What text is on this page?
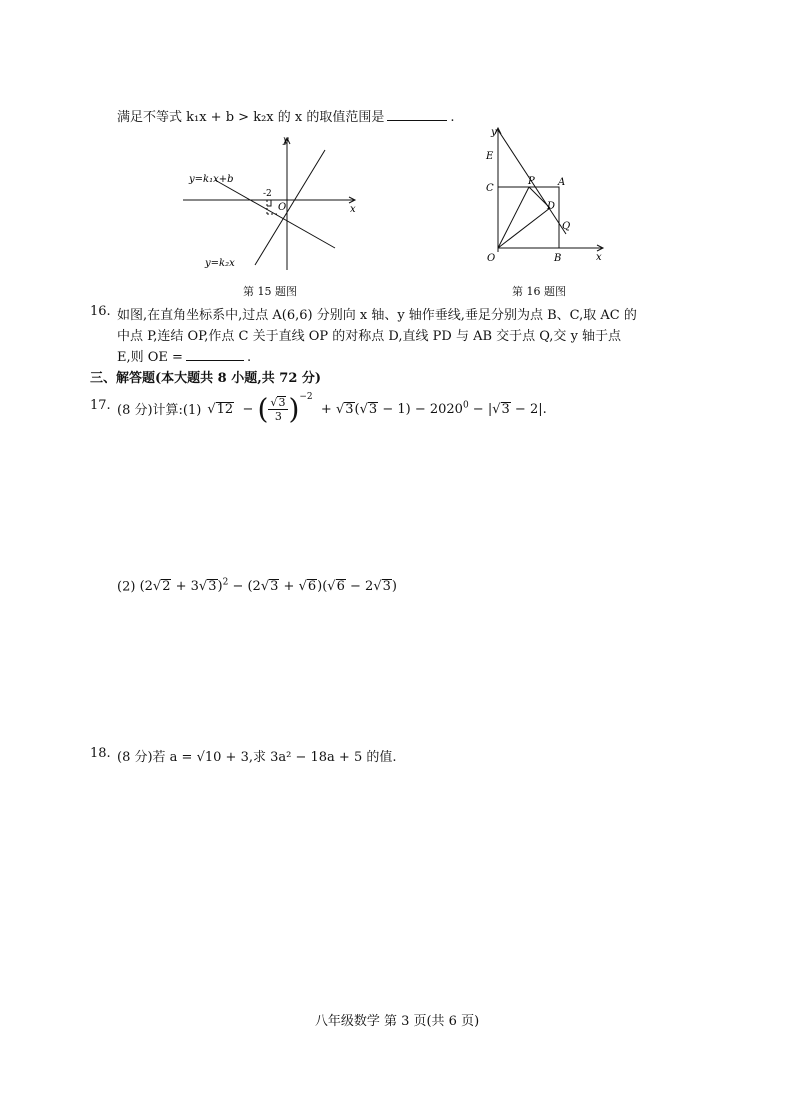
满足不等式 k₁x + b > k₂x 的 x 的取值范围是	.
y
x
O
-2
y=k₁x+b
y=k₂x
第 15 题图
y
x
E
C
P A
D
Q
O	B
第 16 题图
16. 如图,在直角坐标系中,过点 A(6,6) 分别向 x 轴、y 轴作垂线,垂足分别为点 B、C,取 AC 的
中点 P,连结 OP,作点 C 关于直线 OP 的对称点 D,直线 PD 与 AB 交于点 Q,交 y 轴于点
E,则 OE =	.
三、解答题(本大题共 8 小题,共 72 分)
17. (8 分)计算:(1) √12  − ( $\frac{√3}{3} )^{-2} + √3(√3 - 1) - 2020^0 - |√3 - 2|$.
(2) $(2√2 + 3√3)^2 - (2√3 + √6)(√6 - 2√3)$
18. (8 分)若 a = √10 + 3,求 3a² − 18a + 5 的值.
八年级数学 第 3 页(共 6 页)
